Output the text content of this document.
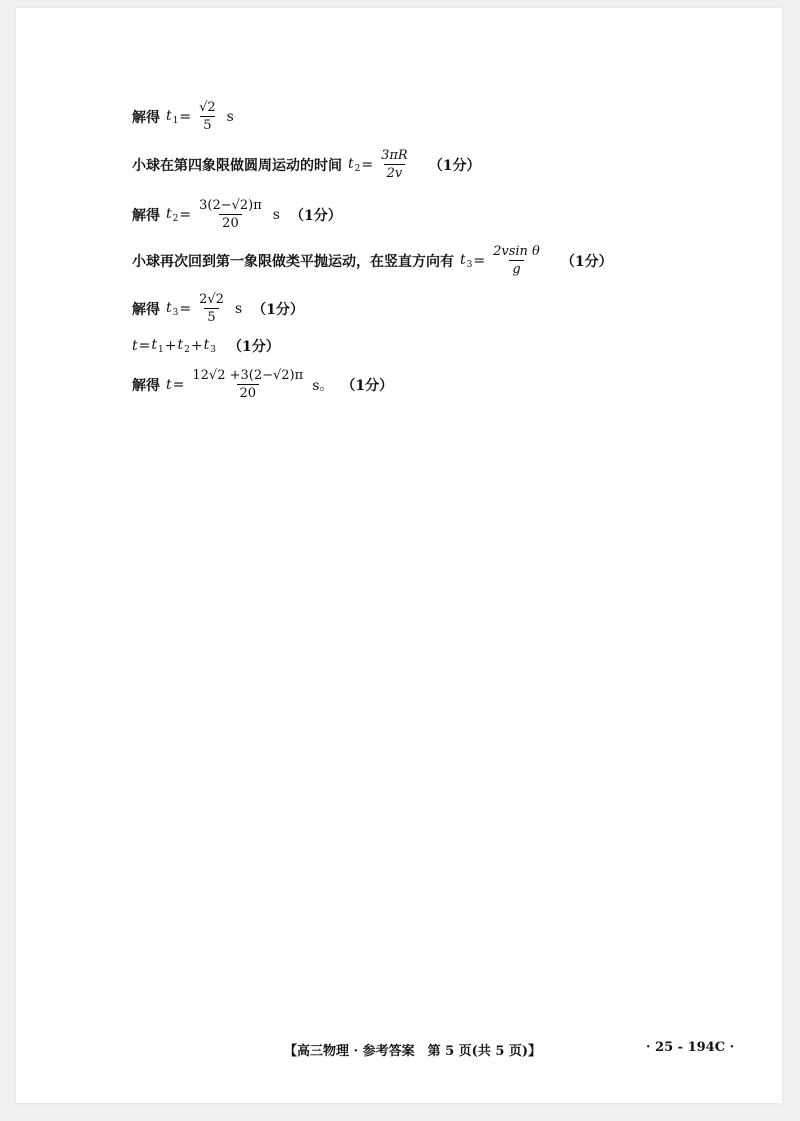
解得 $t_1 = \frac{√2}{5}$ s
小球在第四象限做圆周运动的时间 $t_2 = \frac{3\pi R}{2v} (1$分）
解得 $t_2 = \frac{3(2-√2)\pi}{20}$ s （1分）
小球再次回到第一象限做类平抛运动，在竖直方向有 $t_3 = \frac{\text{2vsin θ}}{g} (1$分）
解得 $t_3 = \frac{2√2}{5}$ s （1分）
$t = t_1 + t_2 + t_3$ （1分）
解得 $t = \frac{12√2 +3(2-√2)\pi}{20}$ s。 （1分）
【高三物理 · 参考答案　第 5 页(共 5 页)】	· 25 - 194C ·
